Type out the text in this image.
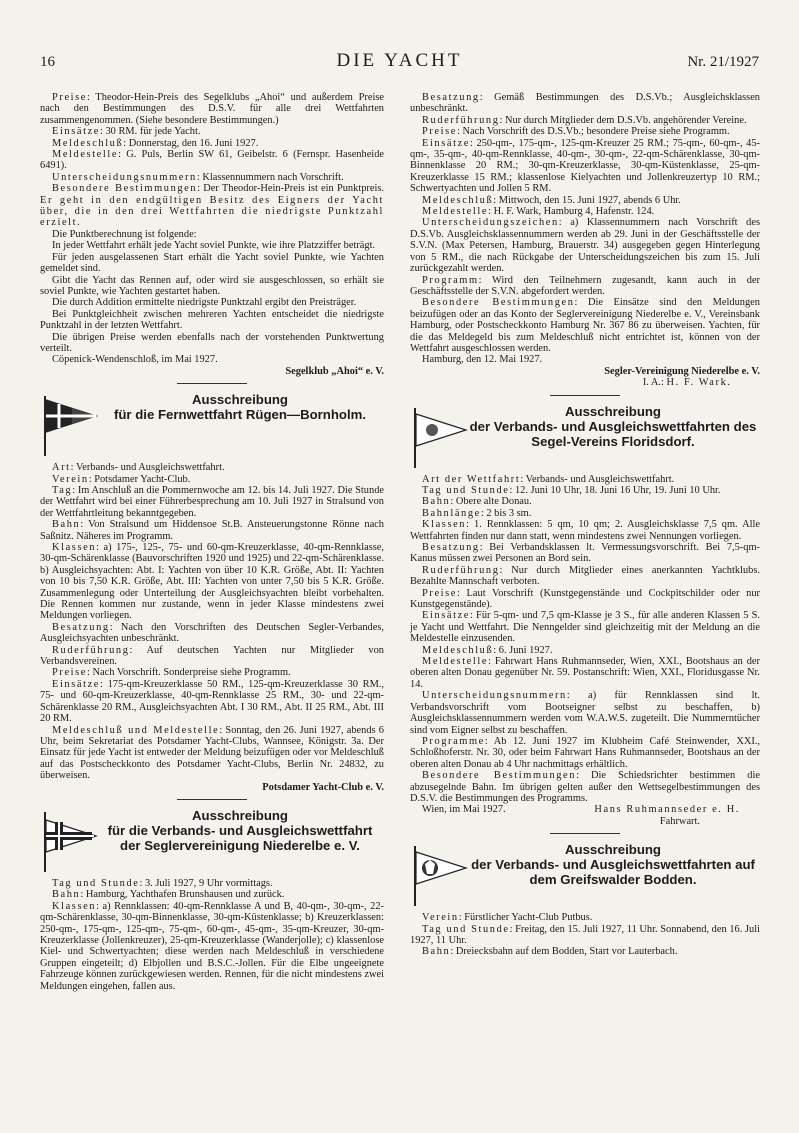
16	DIE YACHT	Nr. 21/1927

Preise: Theodor-Hein-Preis des Segelklubs „Ahoi“ und außerdem Preise nach den Bestimmungen des D.S.V. für alle drei Wettfahrten zusammengenommen. (Siehe besondere Bestimmungen.)

Einsätze: 30 RM. für jede Yacht.

Meldeschluß: Donnerstag, den 16. Juni 1927.

Meldestelle: G. Puls, Berlin SW 61, Geibelstr. 6 (Fernspr. Hasenheide 6491).

Unterscheidungsnummern: Klassennummern nach Vorschrift.

Besondere Bestimmungen: Der Theodor-Hein-Preis ist ein Punktpreis. Er geht in den endgültigen Besitz des Eigners der Yacht über, die in den drei Wettfahrten die niedrigste Punktzahl erzielt.

Die Punktberechnung ist folgende:

In jeder Wettfahrt erhält jede Yacht soviel Punkte, wie ihre Platzziffer beträgt.

Für jeden ausgelassenen Start erhält die Yacht soviel Punkte, wie Yachten gemeldet sind.

Gibt die Yacht das Rennen auf, oder wird sie ausgeschlossen, so erhält sie soviel Punkte, wie Yachten gestartet haben.

Die durch Addition ermittelte niedrigste Punktzahl ergibt den Preisträger.

Bei Punktgleichheit zwischen mehreren Yachten entscheidet die niedrigste Punktzahl in der letzten Wettfahrt.

Die übrigen Preise werden ebenfalls nach der vorstehenden Punktwertung verteilt.

Cöpenick-Wendenschloß, im Mai 1927.

Segelklub „Ahoi“ e. V.

Ausschreibung
für die Fernwettfahrt Rügen—Bornholm.

Art: Verbands- und Ausgleichswettfahrt.

Verein: Potsdamer Yacht-Club.

Tag: Im Anschluß an die Pommernwoche am 12. bis 14. Juli 1927. Die Stunde der Wettfahrt wird bei einer Führerbesprechung am 10. Juli 1927 in Stralsund von der Wettfahrtleitung bekanntgegeben.

Bahn: Von Stralsund um Hiddensoe St.B. Ansteuerungstonne Rönne nach Saßnitz. Näheres im Programm.

Klassen: a) 175-, 125-, 75- und 60-qm-Kreuzerklasse, 40-qm-Rennklasse, 30-qm-Schärenklasse (Bauvorschriften 1920 und 1925) und 22-qm-Schärenklasse. b) Ausgleichsyachten: Abt. I: Yachten von über 10 K.R. Größe, Abt. II: Yachten von 10 bis 7,50 K.R. Größe, Abt. III: Yachten von unter 7,50 bis 5 K.R. Größe. Zusammenlegung oder Unterteilung der Ausgleichsyachten bleibt vorbehalten. Die Rennen kommen nur zustande, wenn in jeder Klasse mindestens zwei Meldungen vorliegen.

Besatzung: Nach den Vorschriften des Deutschen Segler-Verbandes, Ausgleichsyachten unbeschränkt.

Ruderführung: Auf deutschen Yachten nur Mitglieder von Verbandsvereinen.

Preise: Nach Vorschrift. Sonderpreise siehe Programm.

Einsätze: 175-qm-Kreuzerklasse 50 RM., 125-qm-Kreuzerklasse 30 RM., 75- und 60-qm-Kreuzerklasse, 40-qm-Rennklasse 25 RM., 30- und 22-qm-Schärenklasse 20 RM., Ausgleichsyachten Abt. I 30 RM., Abt. II 25 RM., Abt. III 20 RM.

Meldeschluß und Meldestelle: Sonntag, den 26. Juni 1927, abends 6 Uhr, beim Sekretariat des Potsdamer Yacht-Clubs, Wannsee, Königstr. 3a. Der Einsatz für jede Yacht ist entweder der Meldung beizufügen oder vor Meldeschluß auf das Postscheckkonto des Potsdamer Yacht-Clubs, Berlin Nr. 24832, zu überweisen.

Potsdamer Yacht-Club e. V.

Ausschreibung
für die Verbands- und Ausgleichswettfahrt der Seglervereinigung Niederelbe e. V.

Tag und Stunde: 3. Juli 1927, 9 Uhr vormittags.

Bahn: Hamburg, Yachthafen Brunshausen und zurück.

Klassen: a) Rennklassen: 40-qm-Rennklasse A und B, 40-qm-, 30-qm-, 22-qm-Schärenklasse, 30-qm-Binnenklasse, 30-qm-Küstenklasse; b) Kreuzerklassen: 250-qm-, 175-qm-, 125-qm-, 75-qm-, 60-qm-, 45-qm-, 35-qm-Kreuzer, 30-qm-Kreuzerklasse (Jollenkreuzer), 25-qm-Kreuzerklasse (Wanderjolle); c) klassenlose Kiel- und Schwertyachten; diese werden nach Meldeschluß in verschiedene Gruppen eingeteilt; d) Elbjollen und B.S.C.-Jollen. Für die Elbe ungeeignete Fahrzeuge können zurückgewiesen werden. Rennen, für die nicht mindestens zwei Meldungen eingehen, fallen aus.

Besatzung: Gemäß Bestimmungen des D.S.Vb.; Ausgleichsklassen unbeschränkt.

Ruderführung: Nur durch Mitglieder dem D.S.Vb. angehörender Vereine.

Preise: Nach Vorschrift des D.S.Vb.; besondere Preise siehe Programm.

Einsätze: 250-qm-, 175-qm-, 125-qm-Kreuzer 25 RM.; 75-qm-, 60-qm-, 45-qm-, 35-qm-, 40-qm-Rennklasse, 40-qm-, 30-qm-, 22-qm-Schärenklasse, 30-qm-Binnenklasse 20 RM.; 30-qm-Kreuzerklasse, 30-qm-Küstenklasse, 25-qm-Kreuzerklasse 15 RM.; klassenlose Kielyachten und Jollenkreuzertyp 10 RM.; Schwertyachten und Jollen 5 RM.

Meldeschluß: Mittwoch, den 15. Juni 1927, abends 6 Uhr.

Meldestelle: H. F. Wark, Hamburg 4, Hafenstr. 124.

Unterscheidungszeichen: a) Klassennummern nach Vorschrift des D.S.Vb. Ausgleichsklassennummern werden ab 29. Juni in der Geschäftsstelle der S.V.N. (Max Petersen, Hamburg, Brauerstr. 34) ausgegeben gegen Hinterlegung von 5 RM., die nach Rückgabe der Unterscheidungszeichen bis zum 15. Juli zurückgezahlt werden.

Programm: Wird den Teilnehmern zugesandt, kann auch in der Geschäftsstelle der S.V.N. abgefordert werden.

Besondere Bestimmungen: Die Einsätze sind den Meldungen beizufügen oder an das Konto der Seglervereinigung Niederelbe e. V., Vereinsbank Hamburg, oder Postscheckkonto Hamburg Nr. 367 86 zu überweisen. Yachten, für die das Meldegeld bis zum Meldeschluß nicht entrichtet ist, können von der Wettfahrt ausgeschlossen werden.

Hamburg, den 12. Mai 1927.

Segler-Vereinigung Niederelbe e. V.

I. A.: H. F. Wark.

Ausschreibung
der Verbands- und Ausgleichswettfahrten des Segel-Vereins Floridsdorf.

Art der Wettfahrt: Verbands- und Ausgleichswettfahrt.

Tag und Stunde: 12. Juni 10 Uhr, 18. Juni 16 Uhr, 19. Juni 10 Uhr.

Bahn: Obere alte Donau.

Bahnlänge: 2 bis 3 sm.

Klassen: 1. Rennklassen: 5 qm, 10 qm; 2. Ausgleichsklasse 7,5 qm. Alle Wettfahrten finden nur dann statt, wenn mindestens zwei Nennungen vorliegen.

Besatzung: Bei Verbandsklassen lt. Vermessungsvorschrift. Bei 7,5-qm-Kanus müssen zwei Personen an Bord sein.

Ruderführung: Nur durch Mitglieder eines anerkannten Yachtklubs. Bezahlte Mannschaft verboten.

Preise: Laut Vorschrift (Kunstgegenstände und Cockpitschilder oder nur Kunstgegenstände).

Einsätze: Für 5-qm- und 7,5 qm-Klasse je 3 S., für alle anderen Klassen 5 S. je Yacht und Wettfahrt. Die Nenngelder sind gleichzeitig mit der Meldung an die Meldestelle einzusenden.

Meldeschluß: 6. Juni 1927.

Meldestelle: Fahrwart Hans Ruhmannseder, Wien, XXI., Bootshaus an der oberen alten Donau gegenüber Nr. 59. Postanschrift: Wien, XXI., Floridusgasse Nr. 14.

Unterscheidungsnummern: a) für Rennklassen sind lt. Verbandsvorschrift vom Bootseigner selbst zu beschaffen, b) Ausgleichsklassennummern werden vom W.A.W.S. zugeteilt. Die Nummerntücher sind vom Eigner selbst zu beschaffen.

Programme: Ab 12. Juni 1927 im Klubheim Café Steinwender, XXI., Schloßhoferstr. Nr. 30, oder beim Fahrwart Hans Ruhmannseder, Bootshaus an der oberen alten Donau ab 4 Uhr nachmittags erhältlich.

Besondere Bestimmungen: Die Schiedsrichter bestimmen die abzusegelnde Bahn. Im übrigen gelten außer den Wettsegelbestimmungen des D.S.V. die Bestimmungen des Programms.

Wien, im Mai 1927.	Hans Ruhmannseder e. H.

Fahrwart.

Ausschreibung
der Verbands- und Ausgleichswettfahrten auf dem Greifswalder Bodden.

Verein: Fürstlicher Yacht-Club Putbus.

Tag und Stunde: Freitag, den 15. Juli 1927, 11 Uhr. Sonnabend, den 16. Juli 1927, 11 Uhr.

Bahn: Dreiecksbahn auf dem Bodden, Start vor Lauterbach.
